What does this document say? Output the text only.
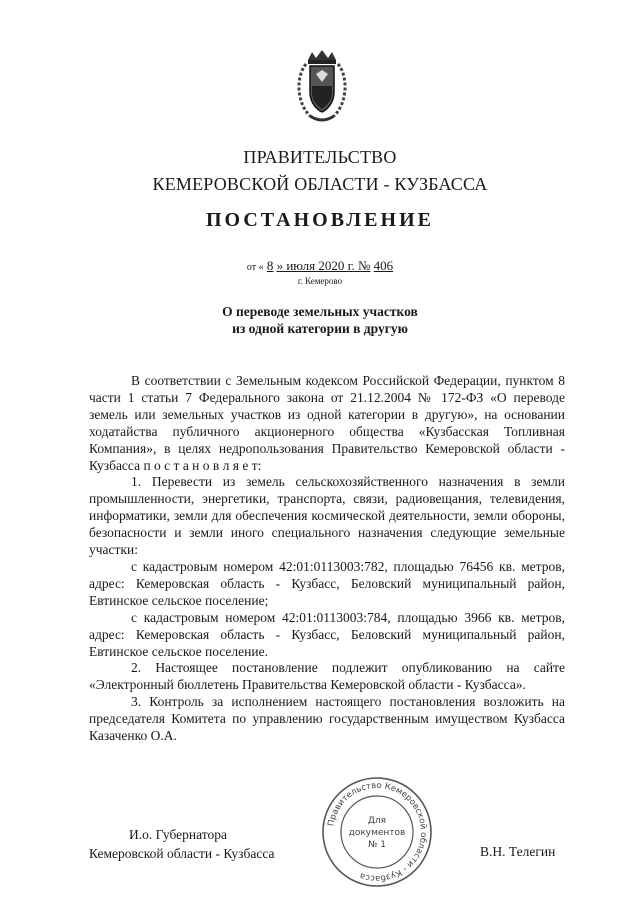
ПРАВИТЕЛЬСТВО
КЕМЕРОВСКОЙ ОБЛАСТИ - КУЗБАССА
ПОСТАНОВЛЕНИЕ
от « 8 » июля 2020 г. № 406
г. Кемерово
О переводе земельных участков
из одной категории в другую

В соответствии с Земельным кодексом Российской Федерации, пунктом 8 части 1 статьи 7 Федерального закона от 21.12.2004 № 172-ФЗ «О переводе земель или земельных участков из одной категории в другую», на основании ходатайства публичного акционерного общества «Кузбасская Топливная Компания», в целях недропользования Правительство Кемеровской области - Кузбасса п о с т а н о в л я е т:

1. Перевести из земель сельскохозяйственного назначения в земли промышленности, энергетики, транспорта, связи, радиовещания, телевидения, информатики, земли для обеспечения космической деятельности, земли обороны, безопасности и земли иного специального назначения следующие земельные участки:

с кадастровым номером 42:01:0113003:782, площадью 76456 кв. метров, адрес: Кемеровская область - Кузбасс, Беловский муниципальный район, Евтинское сельское поселение;

с кадастровым номером 42:01:0113003:784, площадью 3966 кв. метров, адрес: Кемеровская область - Кузбасс, Беловский муниципальный район, Евтинское сельское поселение.

2. Настоящее постановление подлежит опубликованию на сайте «Электронный бюллетень Правительства Кемеровской области - Кузбасса».

3. Контроль за исполнением настоящего постановления возложить на председателя Комитета по управлению государственным имуществом Кузбасса Казаченко О.А.

И.о. Губернатора
Кемеровской области - Кузбасса
Правительство Кемеровской области - Кузбасса
Для
документов
№ 1	В.Н. Телегин
